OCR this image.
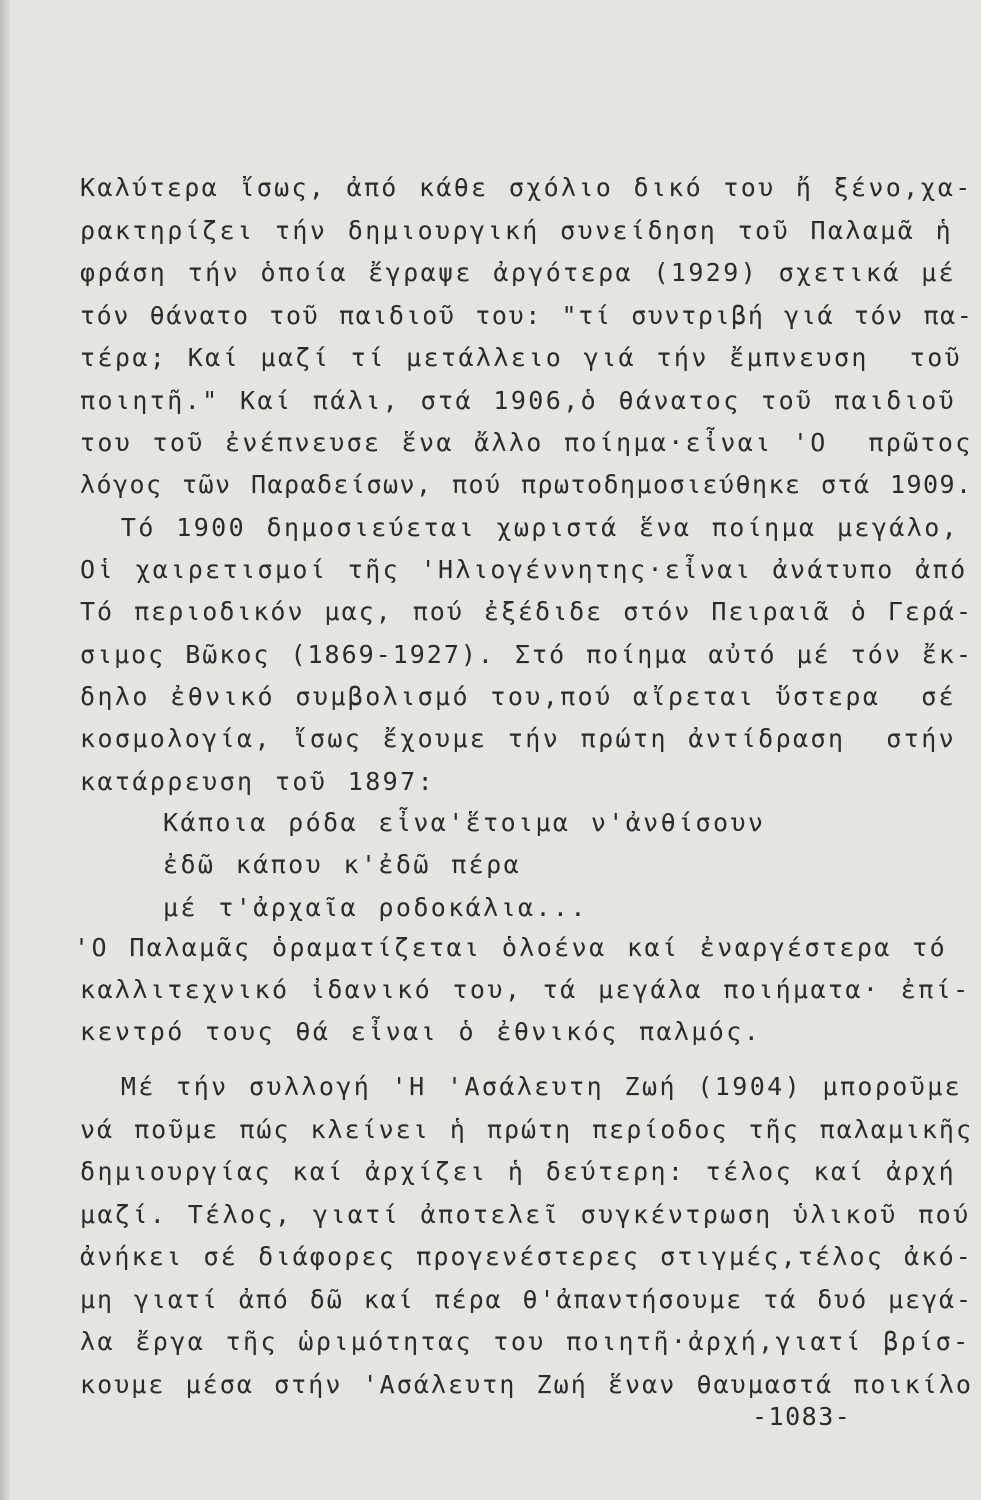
Καλύτερα ἴσως, ἀπό κάθε σχόλιο δικό του ἤ ξένο,χα-
ρακτηρίζει τήν δημιουργική συνείδηση τοῦ Παλαμᾶ ἡ
φράση τήν ὁποία ἔγραψε ἀργότερα (1929) σχετικά μέ
τόν θάνατο τοῦ παιδιοῦ του: "τί συντριβή γιά τόν πα-
τέρα; Καί μαζί τί μετάλλειο γιά τήν ἔμπνευση  τοῦ
ποιητῆ." Καί πάλι, στά 1906,ὁ θάνατος τοῦ παιδιοῦ
του τοῦ ἐνέπνευσε ἕνα ἄλλο ποίημα·εἶναι 'Ο  πρῶτος
λόγος τῶν Παραδείσων, πού πρωτοδημοσιεύθηκε στά 1909.
Τό 1900 δημοσιεύεται χωριστά ἕνα ποίημα μεγάλο,
Οἱ χαιρετισμοί τῆς 'Ηλιογέννητης·εἶναι ἀνάτυπο ἀπό
Τό περιοδικόν μας, πού ἐξέδιδε στόν Πειραιᾶ ὁ Γερά-
σιμος Βῶκος (1869-1927). Στό ποίημα αὐτό μέ τόν ἔκ-
δηλο ἐθνικό συμβολισμό του,πού αἴρεται ὕστερα  σέ
κοσμολογία, ἴσως ἔχουμε τήν πρώτη ἀντίδραση  στήν
κατάρρευση τοῦ 1897:
Κάποια ρόδα εἶνα'ἕτοιμα ν'ἀνθίσουν
ἐδῶ κάπου κ'ἐδῶ πέρα
μέ τ'ἀρχαῖα ροδοκάλια...
'Ο Παλαμᾶς ὁραματίζεται ὁλοένα καί ἐναργέστερα τό
καλλιτεχνικό ἰδανικό του, τά μεγάλα ποιήματα· ἐπί-
κεντρό τους θά εἶναι ὁ ἐθνικός παλμός.
Μέ τήν συλλογή 'Η 'Ασάλευτη Ζωή (1904) μποροῦμε
νά ποῦμε πώς κλείνει ἡ πρώτη περίοδος τῆς παλαμικῆς
δημιουργίας καί ἀρχίζει ἡ δεύτερη: τέλος καί ἀρχή
μαζί. Τέλος, γιατί ἀποτελεῖ συγκέντρωση ὑλικοῦ πού
ἀνήκει σέ διάφορες προγενέστερες στιγμές,τέλος ἀκό-
μη γιατί ἀπό δῶ καί πέρα θ'ἀπαντήσουμε τά δυό μεγά-
λα ἔργα τῆς ὡριμότητας του ποιητῆ·ἀρχή,γιατί βρίσ-
κουμε μέσα στήν 'Ασάλευτη Ζωή ἕναν θαυμαστά ποικίλο
-1083-
